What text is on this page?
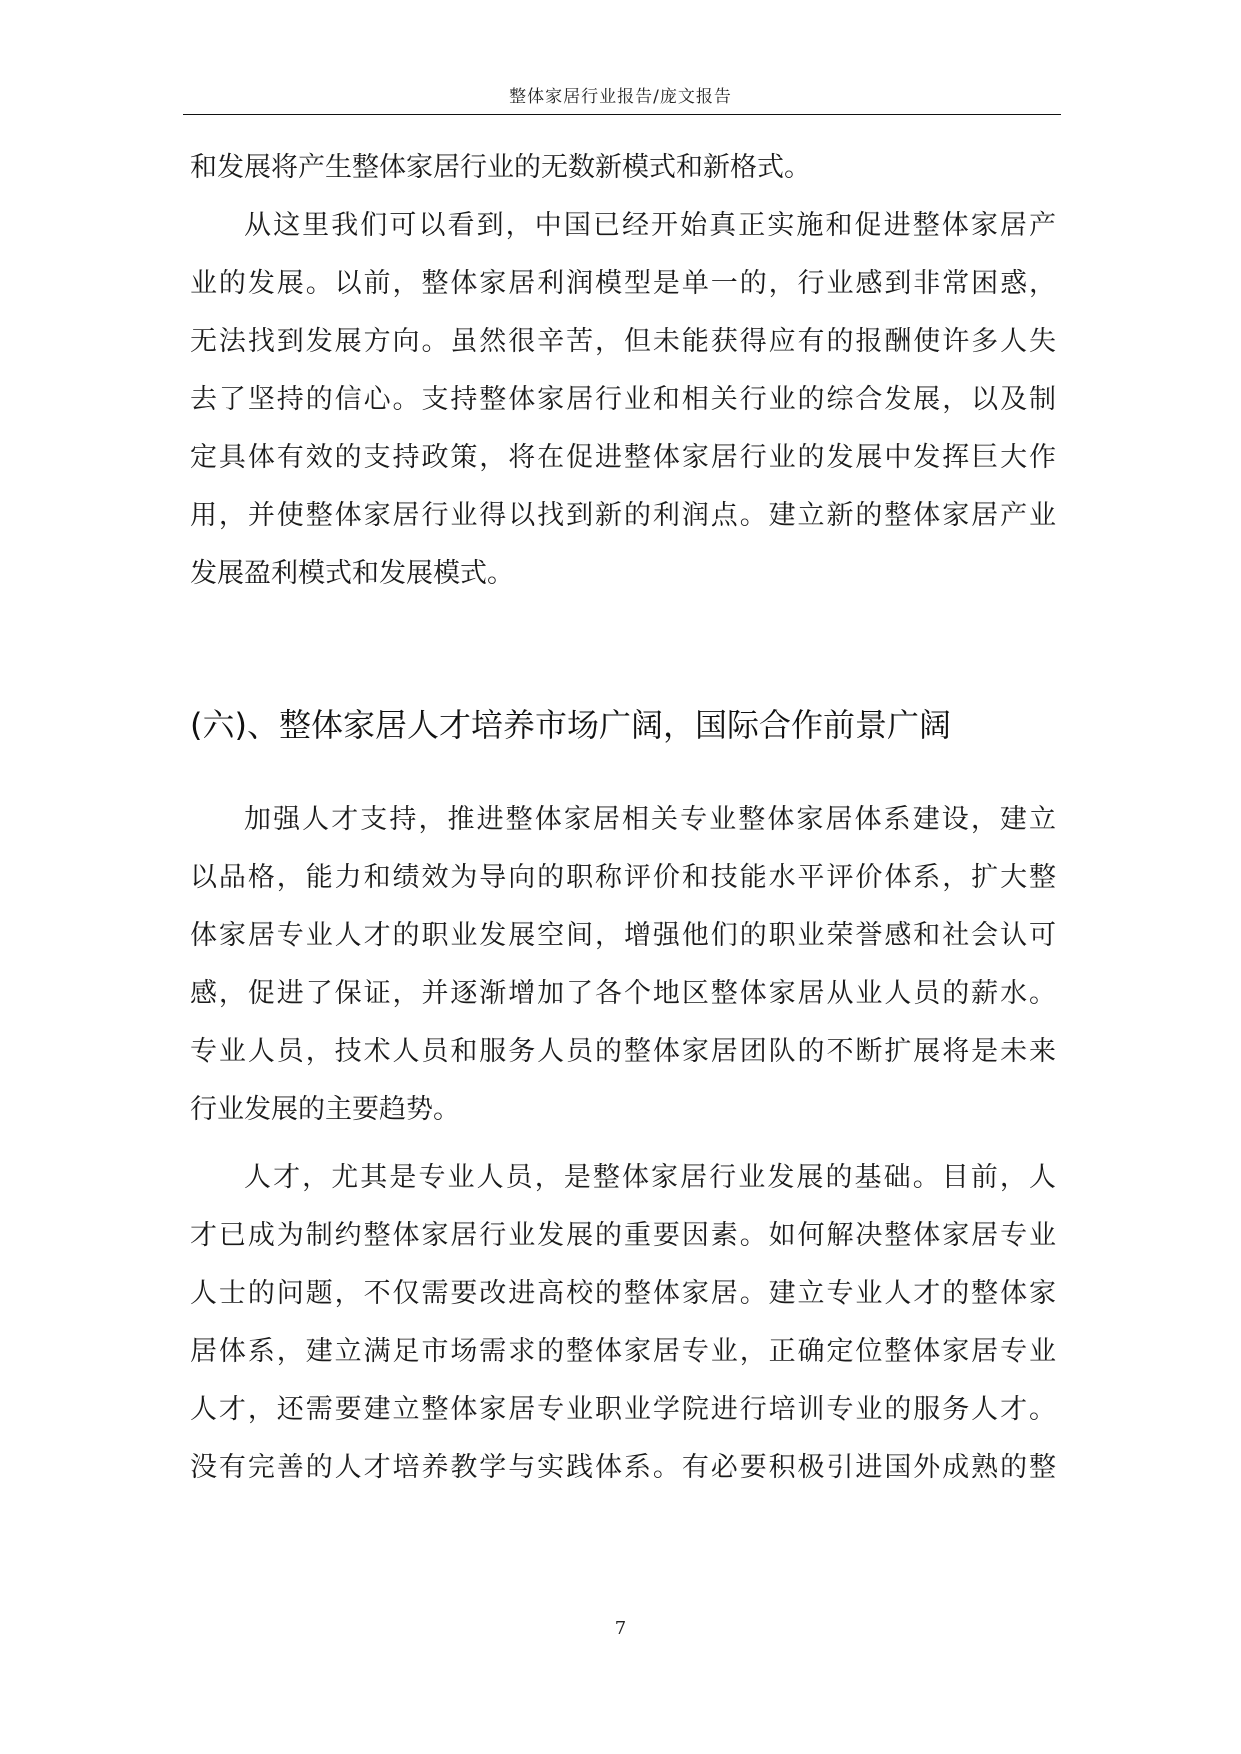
整体家居行业报告/庞文报告
和发展将产生整体家居行业的无数新模式和新格式。
从这里我们可以看到，中国已经开始真正实施和促进整体家居产
业的发展。以前，整体家居利润模型是单一的，行业感到非常困惑，
无法找到发展方向。虽然很辛苦，但未能获得应有的报酬使许多人失
去了坚持的信心。支持整体家居行业和相关行业的综合发展，以及制
定具体有效的支持政策，将在促进整体家居行业的发展中发挥巨大作
用，并使整体家居行业得以找到新的利润点。建立新的整体家居产业
发展盈利模式和发展模式。
(六)、整体家居人才培养市场广阔，国际合作前景广阔
加强人才支持，推进整体家居相关专业整体家居体系建设，建立
以品格，能力和绩效为导向的职称评价和技能水平评价体系，扩大整
体家居专业人才的职业发展空间，增强他们的职业荣誉感和社会认可
感，促进了保证，并逐渐增加了各个地区整体家居从业人员的薪水。
专业人员，技术人员和服务人员的整体家居团队的不断扩展将是未来
行业发展的主要趋势。
人才，尤其是专业人员，是整体家居行业发展的基础。目前，人
才已成为制约整体家居行业发展的重要因素。如何解决整体家居专业
人士的问题，不仅需要改进高校的整体家居。建立专业人才的整体家
居体系，建立满足市场需求的整体家居专业，正确定位整体家居专业
人才，还需要建立整体家居专业职业学院进行培训专业的服务人才。
没有完善的人才培养教学与实践体系。有必要积极引进国外成熟的整
7
